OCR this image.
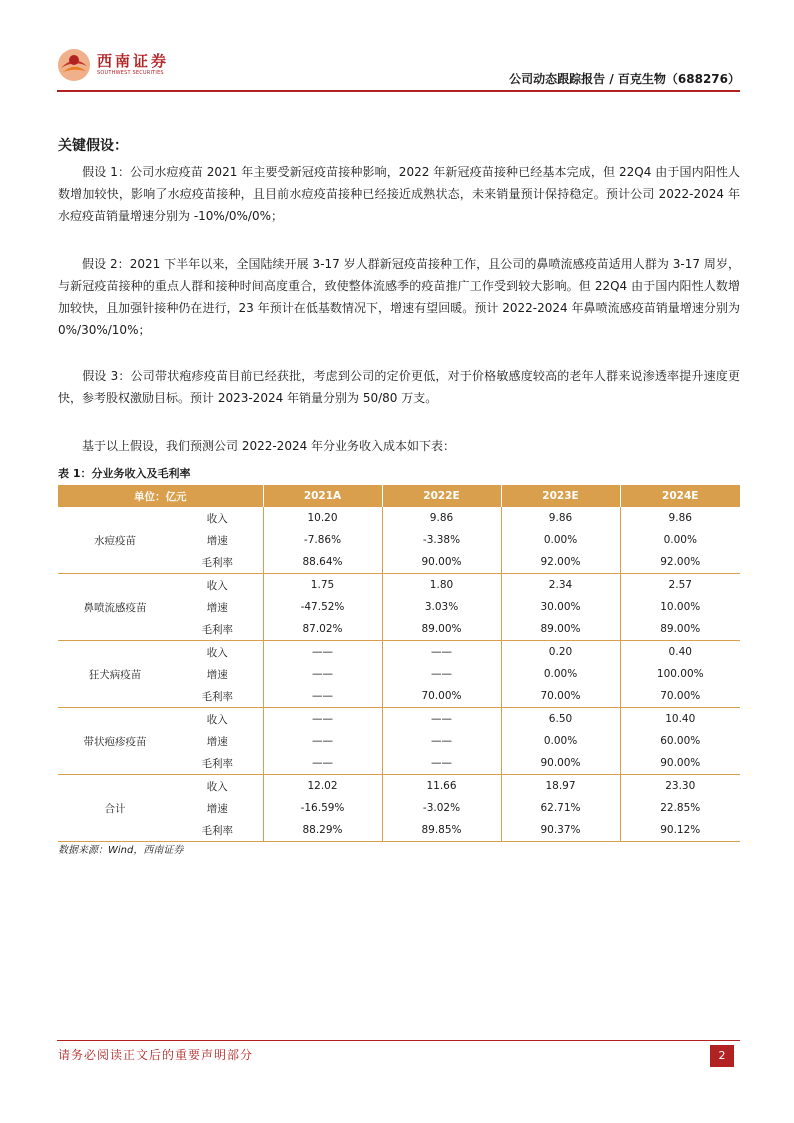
西南证券
SOUTHWEST SECURITIES	公司动态跟踪报告 / 百克生物（688276）
关键假设：
假设 1：公司水痘疫苗 2021 年主要受新冠疫苗接种影响，2022 年新冠疫苗接种已经基本完成，但 22Q4 由于国内阳性人数增加较快，影响了水痘疫苗接种，且目前水痘疫苗接种已经接近成熟状态，未来销量预计保持稳定。预计公司 2022-2024 年水痘疫苗销量增速分别为 -10%/0%/0%；
假设 2：2021 下半年以来，全国陆续开展 3-17 岁人群新冠疫苗接种工作，且公司的鼻喷流感疫苗适用人群为 3-17 周岁，与新冠疫苗接种的重点人群和接种时间高度重合，致使整体流感季的疫苗推广工作受到较大影响。但 22Q4 由于国内阳性人数增加较快，且加强针接种仍在进行，23 年预计在低基数情况下，增速有望回暖。预计 2022-2024 年鼻喷流感疫苗销量增速分别为 0%/30%/10%；
假设 3：公司带状疱疹疫苗目前已经获批，考虑到公司的定价更低，对于价格敏感度较高的老年人群来说渗透率提升速度更快，参考股权激励目标。预计 2023-2024 年销量分别为 50/80 万支。
基于以上假设，我们预测公司 2022-2024 年分业务收入成本如下表：
表 1：分业务收入及毛利率
单位：亿元		2021A	2022E	2023E	2024E
水痘疫苗	收入	10.20	9.86	9.86	9.86
	增速	-7.86%	-3.38%	0.00%	0.00%
	毛利率	88.64%	90.00%	92.00%	92.00%
鼻喷流感疫苗	收入	1.75	1.80	2.34	2.57
	增速	-47.52%	3.03%	30.00%	10.00%
	毛利率	87.02%	89.00%	89.00%	89.00%
狂犬病疫苗	收入	——	——	0.20	0.40
	增速	——	——	0.00%	100.00%
	毛利率	——	70.00%	70.00%	70.00%
带状疱疹疫苗	收入	——	——	6.50	10.40
	增速	——	——	0.00%	60.00%
	毛利率	——	——	90.00%	90.00%
合计	收入	12.02	11.66	18.97	23.30
	增速	-16.59%	-3.02%	62.71%	22.85%
	毛利率	88.29%	89.85%	90.37%	90.12%
数据来源：Wind，西南证券
请务必阅读正文后的重要声明部分	2
